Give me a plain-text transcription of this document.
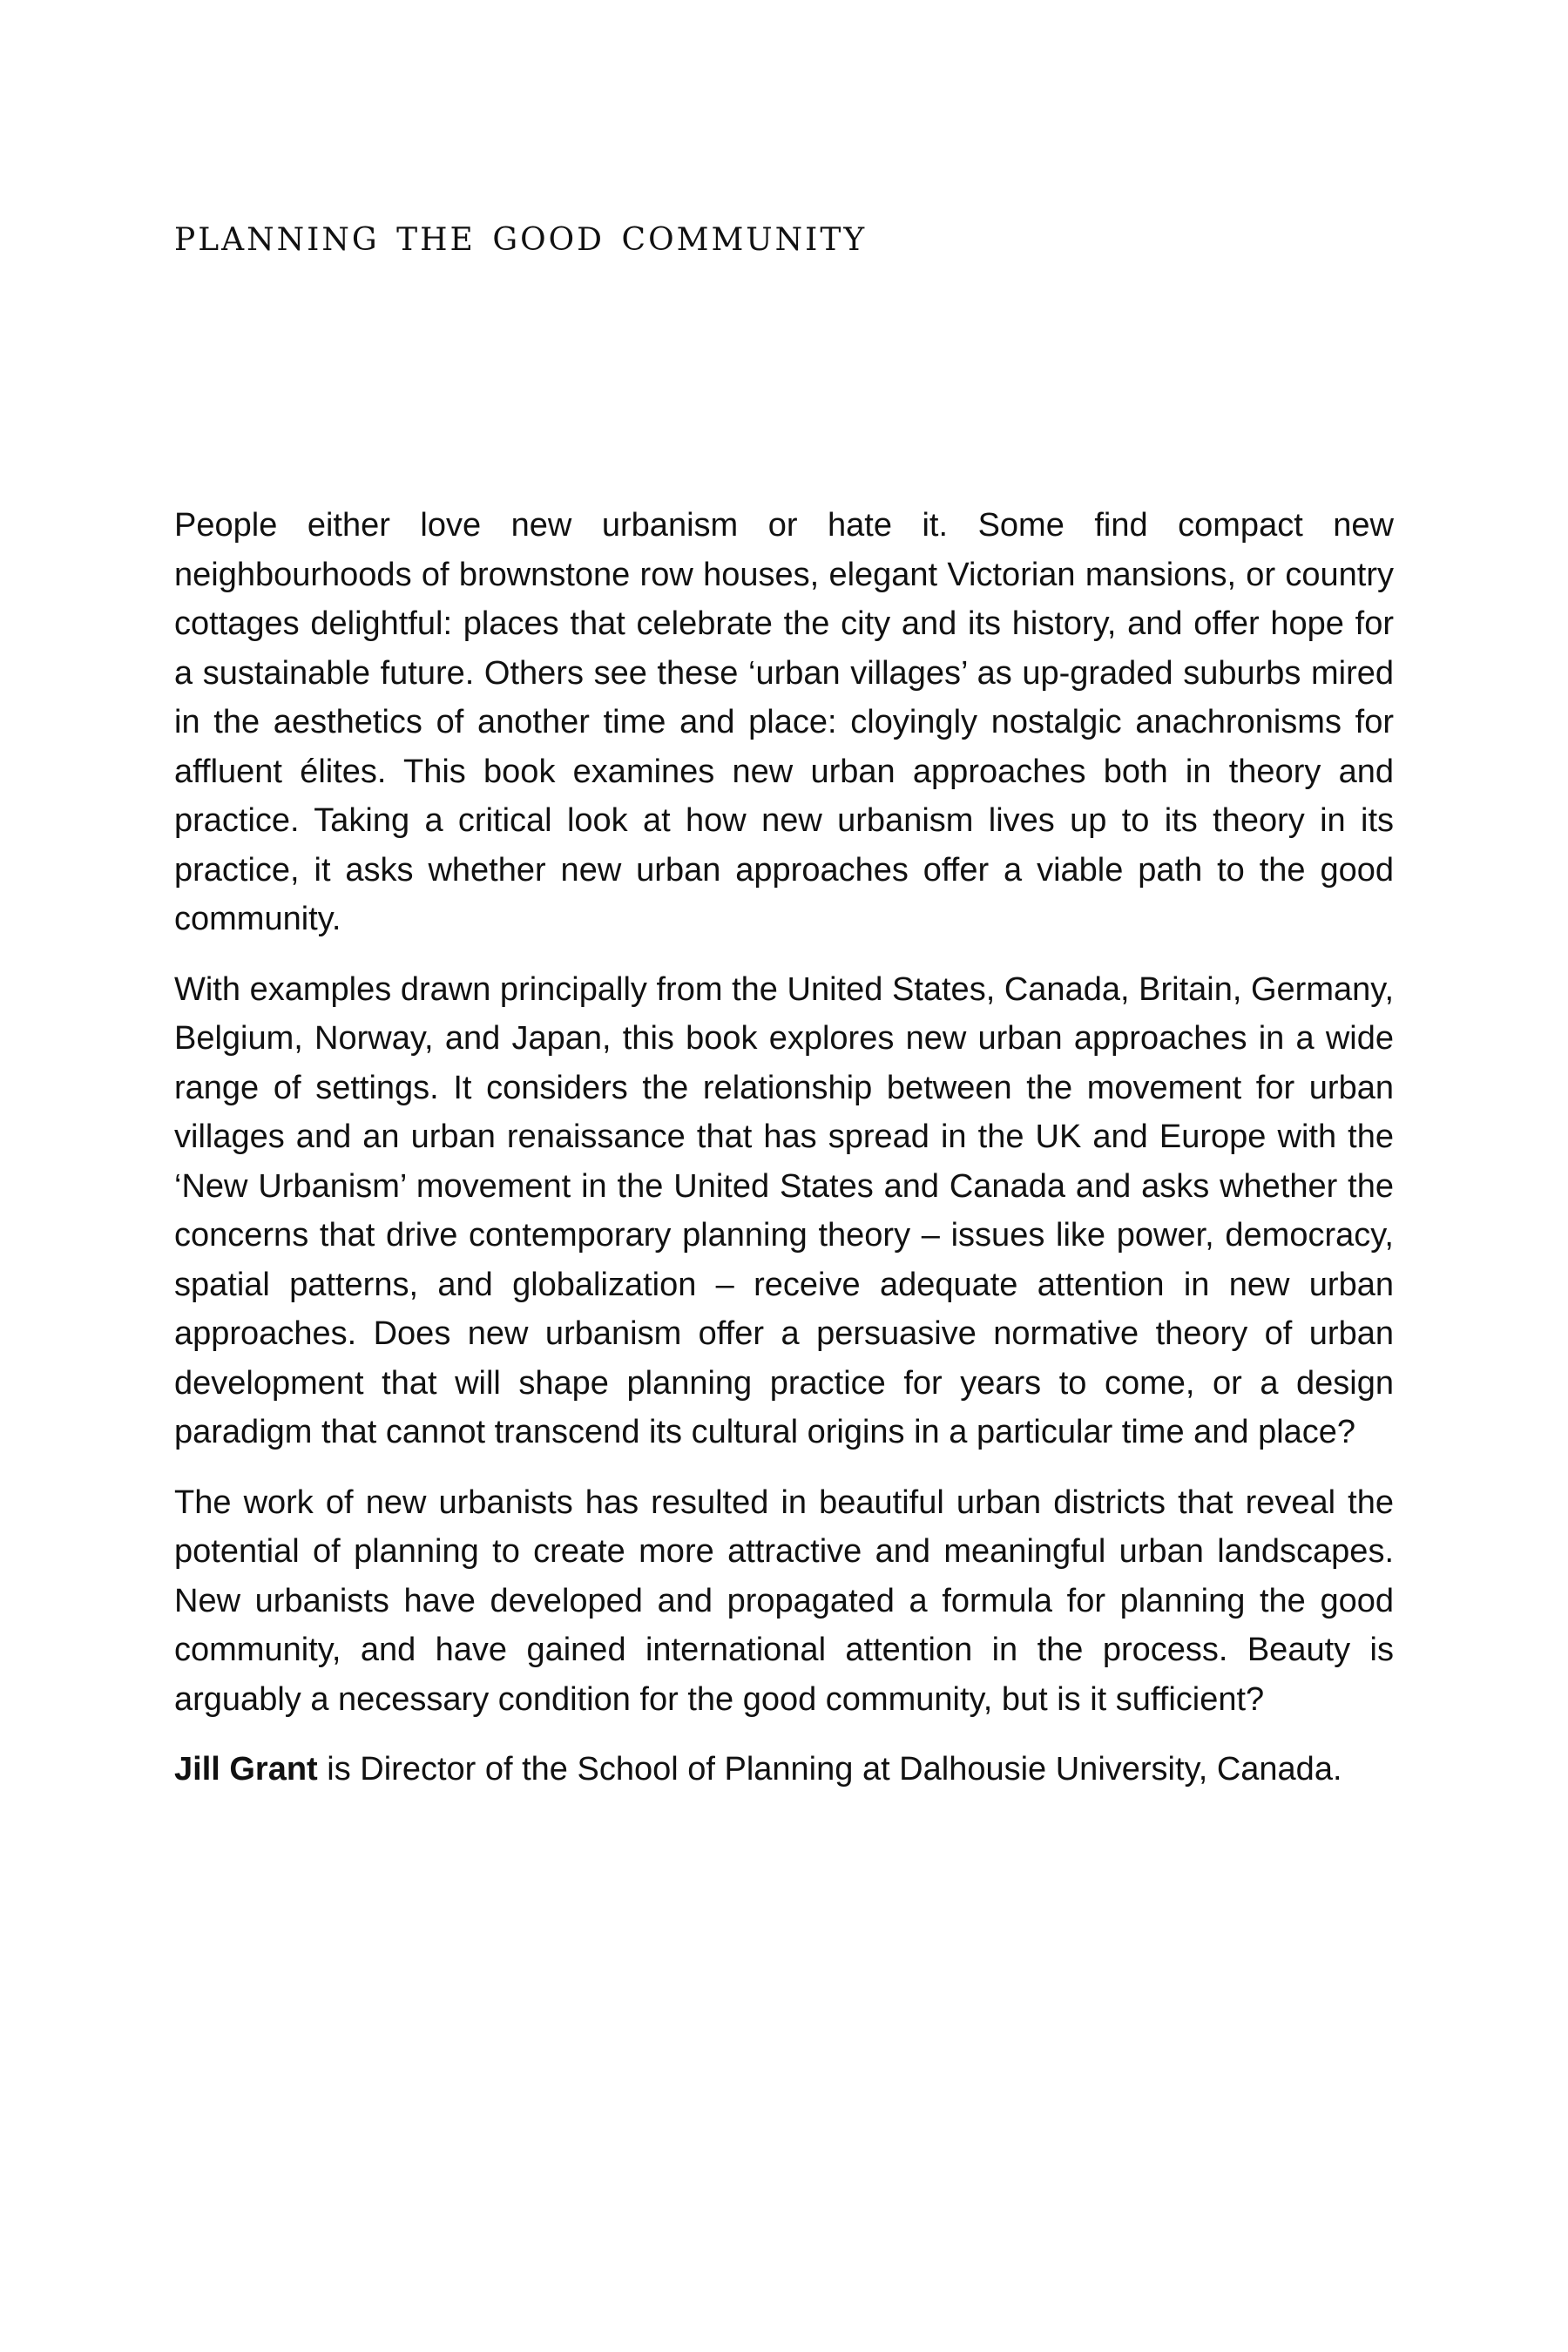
planning the good community

People either love new urbanism or hate it. Some find compact new neighbourhoods of brownstone row houses, elegant Victorian mansions, or country cottages delightful: places that celebrate the city and its history, and offer hope for a sustainable future. Others see these ‘urban villages’ as up-graded suburbs mired in the aesthetics of another time and place: cloyingly nostalgic anachronisms for affluent élites. This book examines new urban approaches both in theory and practice. Taking a critical look at how new urbanism lives up to its theory in its practice, it asks whether new urban approaches offer a viable path to the good community.

With examples drawn principally from the United States, Canada, Britain, Germany, Belgium, Norway, and Japan, this book explores new urban approaches in a wide range of settings. It considers the relationship between the movement for urban villages and an urban renaissance that has spread in the UK and Europe with the ‘New Urbanism’ movement in the United States and Canada and asks whether the concerns that drive contemporary planning theory – issues like power, democracy, spatial patterns, and globalization – receive adequate attention in new urban approaches. Does new urbanism offer a persuasive normative theory of urban development that will shape planning practice for years to come, or a design paradigm that cannot transcend its cultural origins in a particular time and place?

The work of new urbanists has resulted in beautiful urban districts that reveal the potential of planning to create more attractive and meaningful urban landscapes. New urbanists have developed and propagated a formula for planning the good community, and have gained international attention in the process. Beauty is arguably a necessary condition for the good community, but is it sufficient?

Jill Grant is Director of the School of Planning at Dalhousie University, Canada.
